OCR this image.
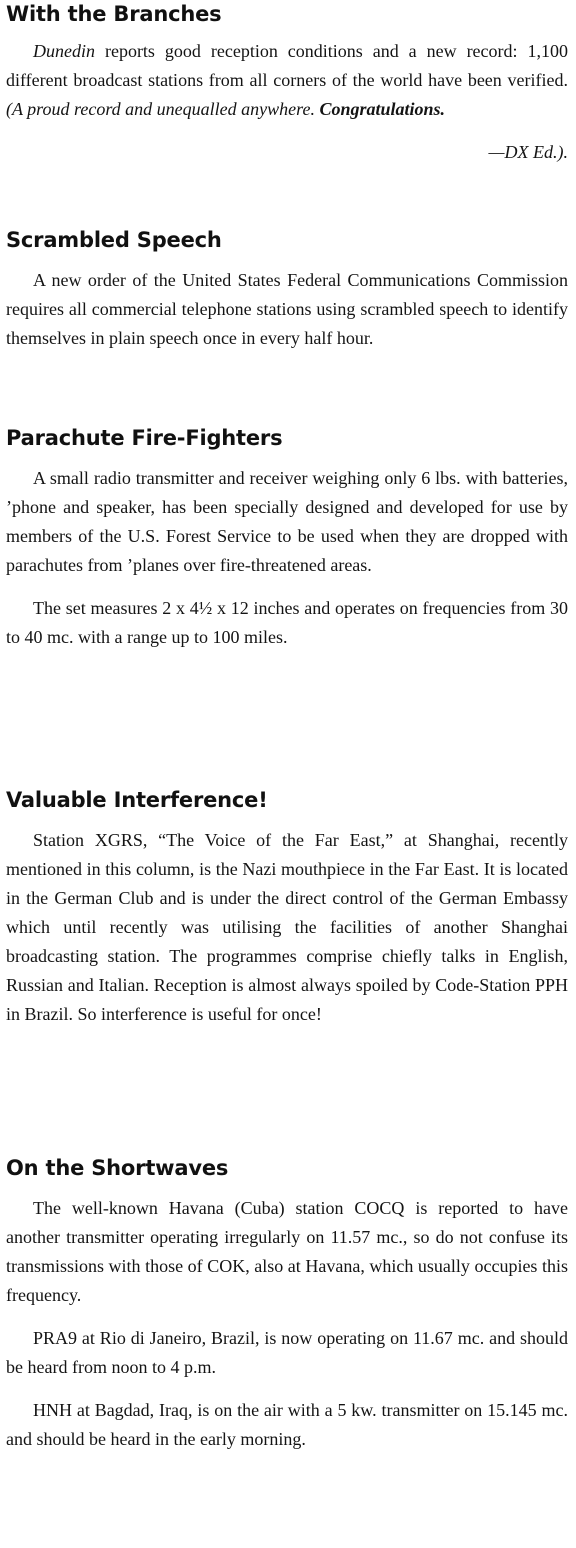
With the Branches

Dunedin reports good reception conditions and a new record: 1,100 different broadcast stations from all corners of the world have been verified. (A proud record and unequalled anywhere. Congratulations.

—DX Ed.).

Scrambled Speech

A new order of the United States Federal Communications Commission requires all commercial telephone stations using scrambled speech to identify themselves in plain speech once in every half hour.

Parachute Fire-Fighters

A small radio transmitter and receiver weighing only 6 lbs. with batteries, ’phone and speaker, has been specially designed and developed for use by members of the U.S. Forest Service to be used when they are dropped with parachutes from ’planes over fire-threatened areas.

The set measures 2 x 4½ x 12 inches and operates on frequencies from 30 to 40 mc. with a range up to 100 miles.

Valuable Interference!

Station XGRS, “The Voice of the Far East,” at Shanghai, recently mentioned in this column, is the Nazi mouthpiece in the Far East. It is located in the German Club and is under the direct control of the German Embassy which until recently was utilising the facilities of another Shanghai broadcasting station. The programmes comprise chiefly talks in English, Russian and Italian. Reception is almost always spoiled by Code-Station PPH in Brazil. So interference is useful for once!

On the Shortwaves

The well-known Havana (Cuba) station COCQ is reported to have another transmitter operating irregularly on 11.57 mc., so do not confuse its transmissions with those of COK, also at Havana, which usually occupies this frequency.

PRA9 at Rio di Janeiro, Brazil, is now operating on 11.67 mc. and should be heard from noon to 4 p.m.

HNH at Bagdad, Iraq, is on the air with a 5 kw. transmitter on 15.145 mc. and should be heard in the early morning.
